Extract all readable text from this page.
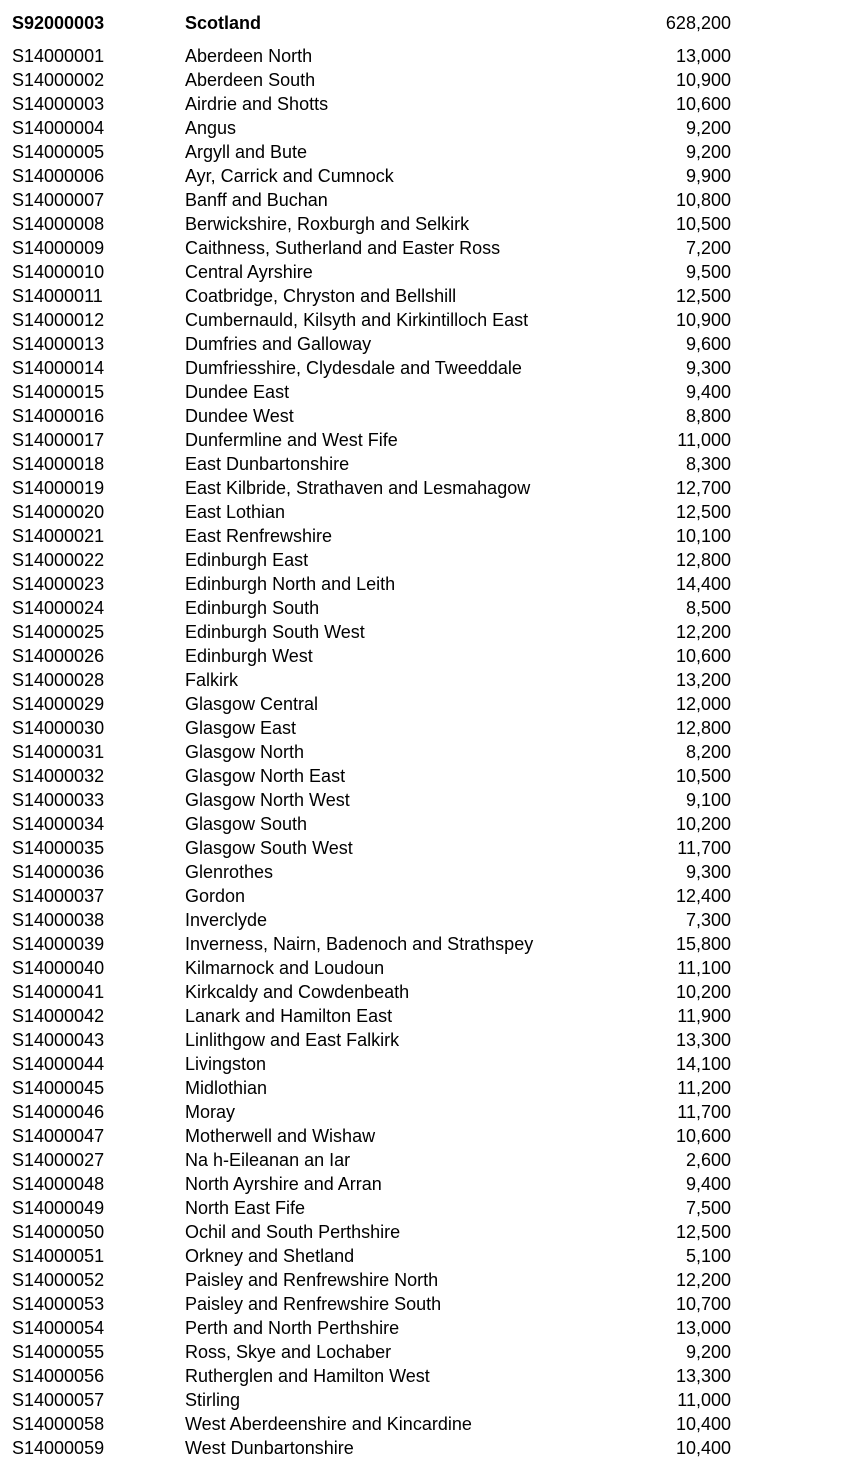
S92000003	Scotland	628,200
S14000001	Aberdeen North	13,000
S14000002	Aberdeen South	10,900
S14000003	Airdrie and Shotts	10,600
S14000004	Angus	9,200
S14000005	Argyll and Bute	9,200
S14000006	Ayr, Carrick and Cumnock	9,900
S14000007	Banff and Buchan	10,800
S14000008	Berwickshire, Roxburgh and Selkirk	10,500
S14000009	Caithness, Sutherland and Easter Ross	7,200
S14000010	Central Ayrshire	9,500
S14000011	Coatbridge, Chryston and Bellshill	12,500
S14000012	Cumbernauld, Kilsyth and Kirkintilloch East	10,900
S14000013	Dumfries and Galloway	9,600
S14000014	Dumfriesshire, Clydesdale and Tweeddale	9,300
S14000015	Dundee East	9,400
S14000016	Dundee West	8,800
S14000017	Dunfermline and West Fife	11,000
S14000018	East Dunbartonshire	8,300
S14000019	East Kilbride, Strathaven and Lesmahagow	12,700
S14000020	East Lothian	12,500
S14000021	East Renfrewshire	10,100
S14000022	Edinburgh East	12,800
S14000023	Edinburgh North and Leith	14,400
S14000024	Edinburgh South	8,500
S14000025	Edinburgh South West	12,200
S14000026	Edinburgh West	10,600
S14000028	Falkirk	13,200
S14000029	Glasgow Central	12,000
S14000030	Glasgow East	12,800
S14000031	Glasgow North	8,200
S14000032	Glasgow North East	10,500
S14000033	Glasgow North West	9,100
S14000034	Glasgow South	10,200
S14000035	Glasgow South West	11,700
S14000036	Glenrothes	9,300
S14000037	Gordon	12,400
S14000038	Inverclyde	7,300
S14000039	Inverness, Nairn, Badenoch and Strathspey	15,800
S14000040	Kilmarnock and Loudoun	11,100
S14000041	Kirkcaldy and Cowdenbeath	10,200
S14000042	Lanark and Hamilton East	11,900
S14000043	Linlithgow and East Falkirk	13,300
S14000044	Livingston	14,100
S14000045	Midlothian	11,200
S14000046	Moray	11,700
S14000047	Motherwell and Wishaw	10,600
S14000027	Na h-Eileanan an Iar	2,600
S14000048	North Ayrshire and Arran	9,400
S14000049	North East Fife	7,500
S14000050	Ochil and South Perthshire	12,500
S14000051	Orkney and Shetland	5,100
S14000052	Paisley and Renfrewshire North	12,200
S14000053	Paisley and Renfrewshire South	10,700
S14000054	Perth and North Perthshire	13,000
S14000055	Ross, Skye and Lochaber	9,200
S14000056	Rutherglen and Hamilton West	13,300
S14000057	Stirling	11,000
S14000058	West Aberdeenshire and Kincardine	10,400
S14000059	West Dunbartonshire	10,400
